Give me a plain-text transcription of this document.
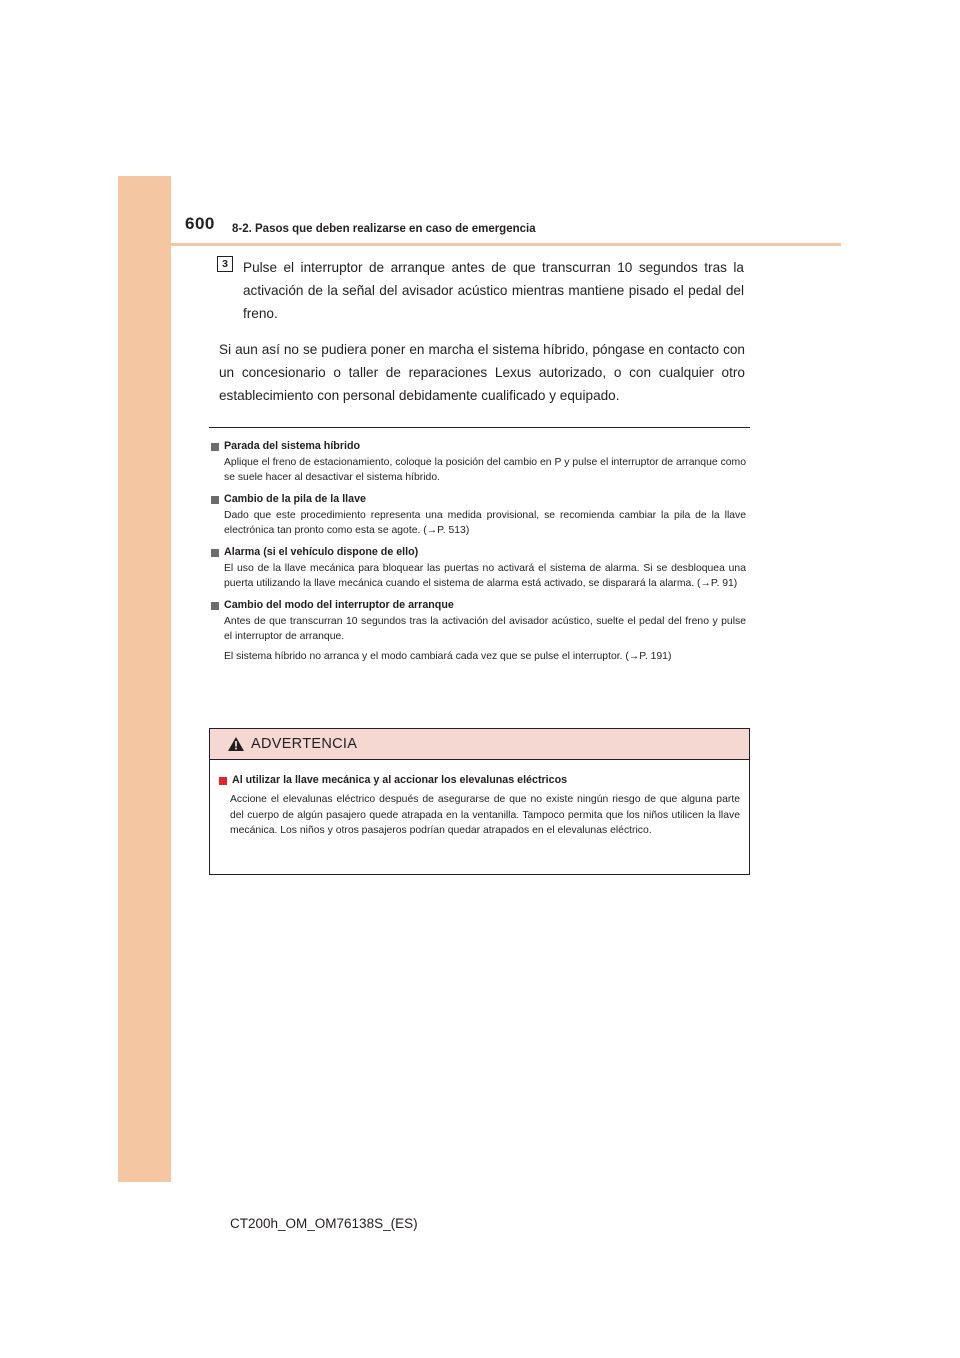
600 8-2. Pasos que deben realizarse en caso de emergencia
3	Pulse el interruptor de arranque antes de que transcurran 10 segundos tras la activación de la señal del avisador acústico mientras mantiene pisado el pedal del freno.
Si aun así no se pudiera poner en marcha el sistema híbrido, póngase en contacto con un concesionario o taller de reparaciones Lexus autorizado, o con cualquier otro establecimiento con personal debidamente cualificado y equipado.
Parada del sistema híbrido

Aplique el freno de estacionamiento, coloque la posición del cambio en P y pulse el interruptor de arranque como se suele hacer al desactivar el sistema híbrido.

Cambio de la pila de la llave

Dado que este procedimiento representa una medida provisional, se recomienda cambiar la pila de la llave electrónica tan pronto como esta se agote. (→P. 513)

Alarma (si el vehículo dispone de ello)

El uso de la llave mecánica para bloquear las puertas no activará el sistema de alarma. Si se desbloquea una puerta utilizando la llave mecánica cuando el sistema de alarma está activado, se disparará la alarma. (→P. 91)

Cambio del modo del interruptor de arranque

Antes de que transcurran 10 segundos tras la activación del avisador acústico, suelte el pedal del freno y pulse el interruptor de arranque.

El sistema híbrido no arranca y el modo cambiará cada vez que se pulse el interruptor. (→P. 191)

ADVERTENCIA
Al utilizar la llave mecánica y al accionar los elevalunas eléctricos

Accione el elevalunas eléctrico después de asegurarse de que no existe ningún riesgo de que alguna parte del cuerpo de algún pasajero quede atrapada en la ventanilla. Tampoco permita que los niños utilicen la llave mecánica. Los niños y otros pasajeros podrían quedar atrapados en el elevalunas eléctrico.

CT200h_OM_OM76138S_(ES)
